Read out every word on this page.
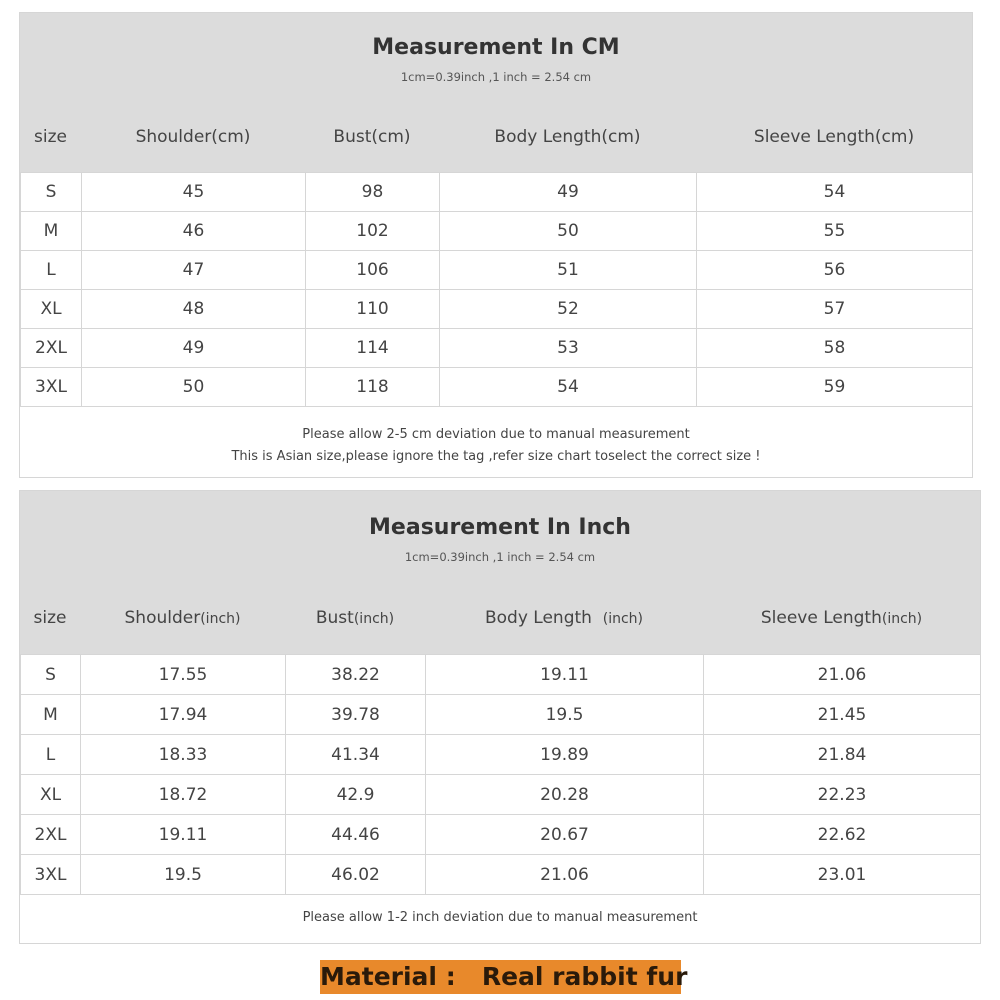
Measurement In CM
1cm=0.39inch ,1 inch = 2.54 cm
size	Shoulder(cm)	Bust(cm)	Body Length(cm)	Sleeve Length(cm)
S	45	98	49	54
M	46	102	50	55
L	47	106	51	56
XL	48	110	52	57
2XL	49	114	53	58
3XL	50	118	54	59
Please allow 2-5 cm deviation due to manual measurement
This is Asian size,please ignore the tag ,refer size chart toselect the correct size !
Measurement In Inch
1cm=0.39inch ,1 inch = 2.54 cm
size	Shoulder(inch)	Bust(inch)	Body Length (inch)	Sleeve Length(inch)
S	17.55	38.22	19.11	21.06
M	17.94	39.78	19.5	21.45
L	18.33	41.34	19.89	21.84
XL	18.72	42.9	20.28	22.23
2XL	19.11	44.46	20.67	22.62
3XL	19.5	46.02	21.06	23.01
Please allow 1-2 inch deviation due to manual measurement
Material : Real rabbit fur
